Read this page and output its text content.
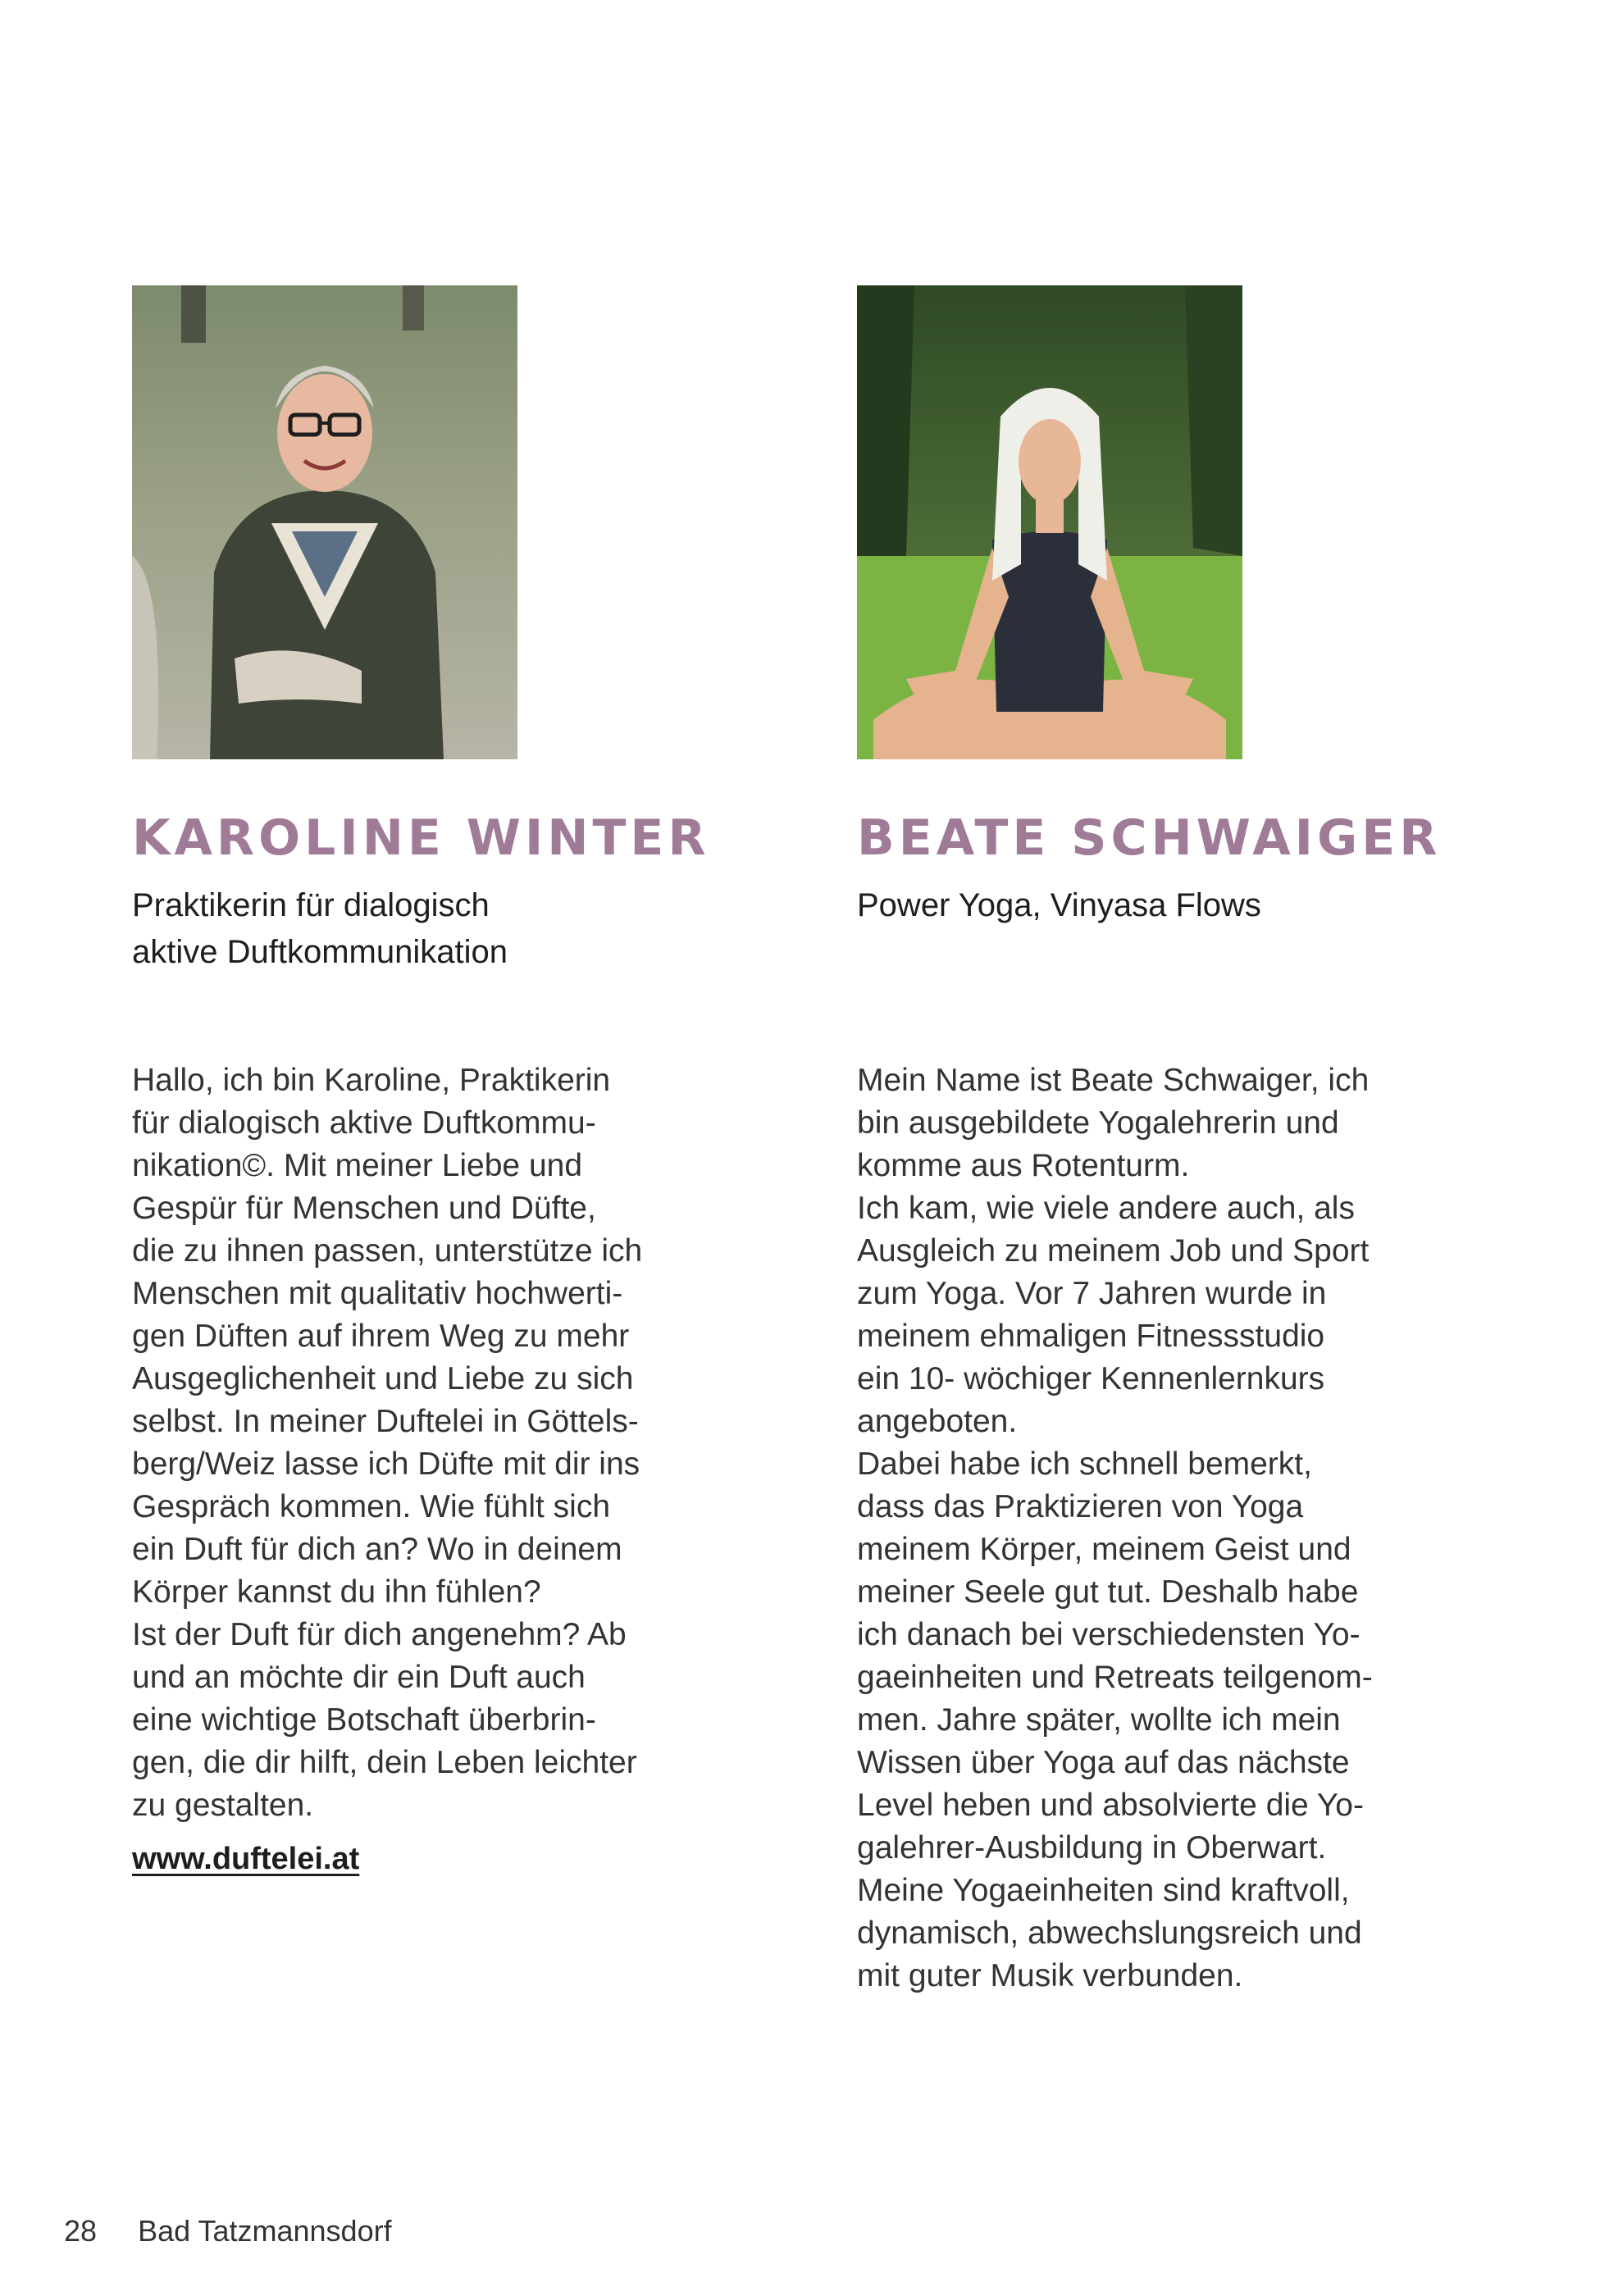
KAROLINE WINTER
Praktikerin für dialogisch
aktive Duftkommunikation
Hallo, ich bin Karoline, Praktikerin
für dialogisch aktive Duftkommu-
nikation©. Mit meiner Liebe und
Gespür für Menschen und Düfte,
die zu ihnen passen, unterstütze ich
Menschen mit qualitativ hochwerti-
gen Düften auf ihrem Weg zu mehr
Ausgeglichenheit und Liebe zu sich
selbst. In meiner Duftelei in Göttels-
berg/Weiz lasse ich Düfte mit dir ins
Gespräch kommen. Wie fühlt sich
ein Duft für dich an? Wo in deinem
Körper kannst du ihn fühlen?
Ist der Duft für dich angenehm? Ab
und an möchte dir ein Duft auch
eine wichtige Botschaft überbrin-
gen, die dir hilft, dein Leben leichter
zu gestalten.
www.duftelei.at
BEATE SCHWAIGER
Power Yoga, Vinyasa Flows
Mein Name ist Beate Schwaiger, ich
bin ausgebildete Yogalehrerin und
komme aus Rotenturm.
Ich kam, wie viele andere auch, als
Ausgleich zu meinem Job und Sport
zum Yoga. Vor 7 Jahren wurde in
meinem ehmaligen Fitnessstudio
ein 10- wöchiger Kennenlernkurs
angeboten.
Dabei habe ich schnell bemerkt,
dass das Praktizieren von Yoga
meinem Körper, meinem Geist und
meiner Seele gut tut. Deshalb habe
ich danach bei verschiedensten Yo-
gaeinheiten und Retreats teilgenom-
men. Jahre später, wollte ich mein
Wissen über Yoga auf das nächste
Level heben und absolvierte die Yo-
galehrer-Ausbildung in Oberwart.
Meine Yogaeinheiten sind kraftvoll,
dynamisch, abwechslungsreich und
mit guter Musik verbunden.
28 Bad Tatzmannsdorf
